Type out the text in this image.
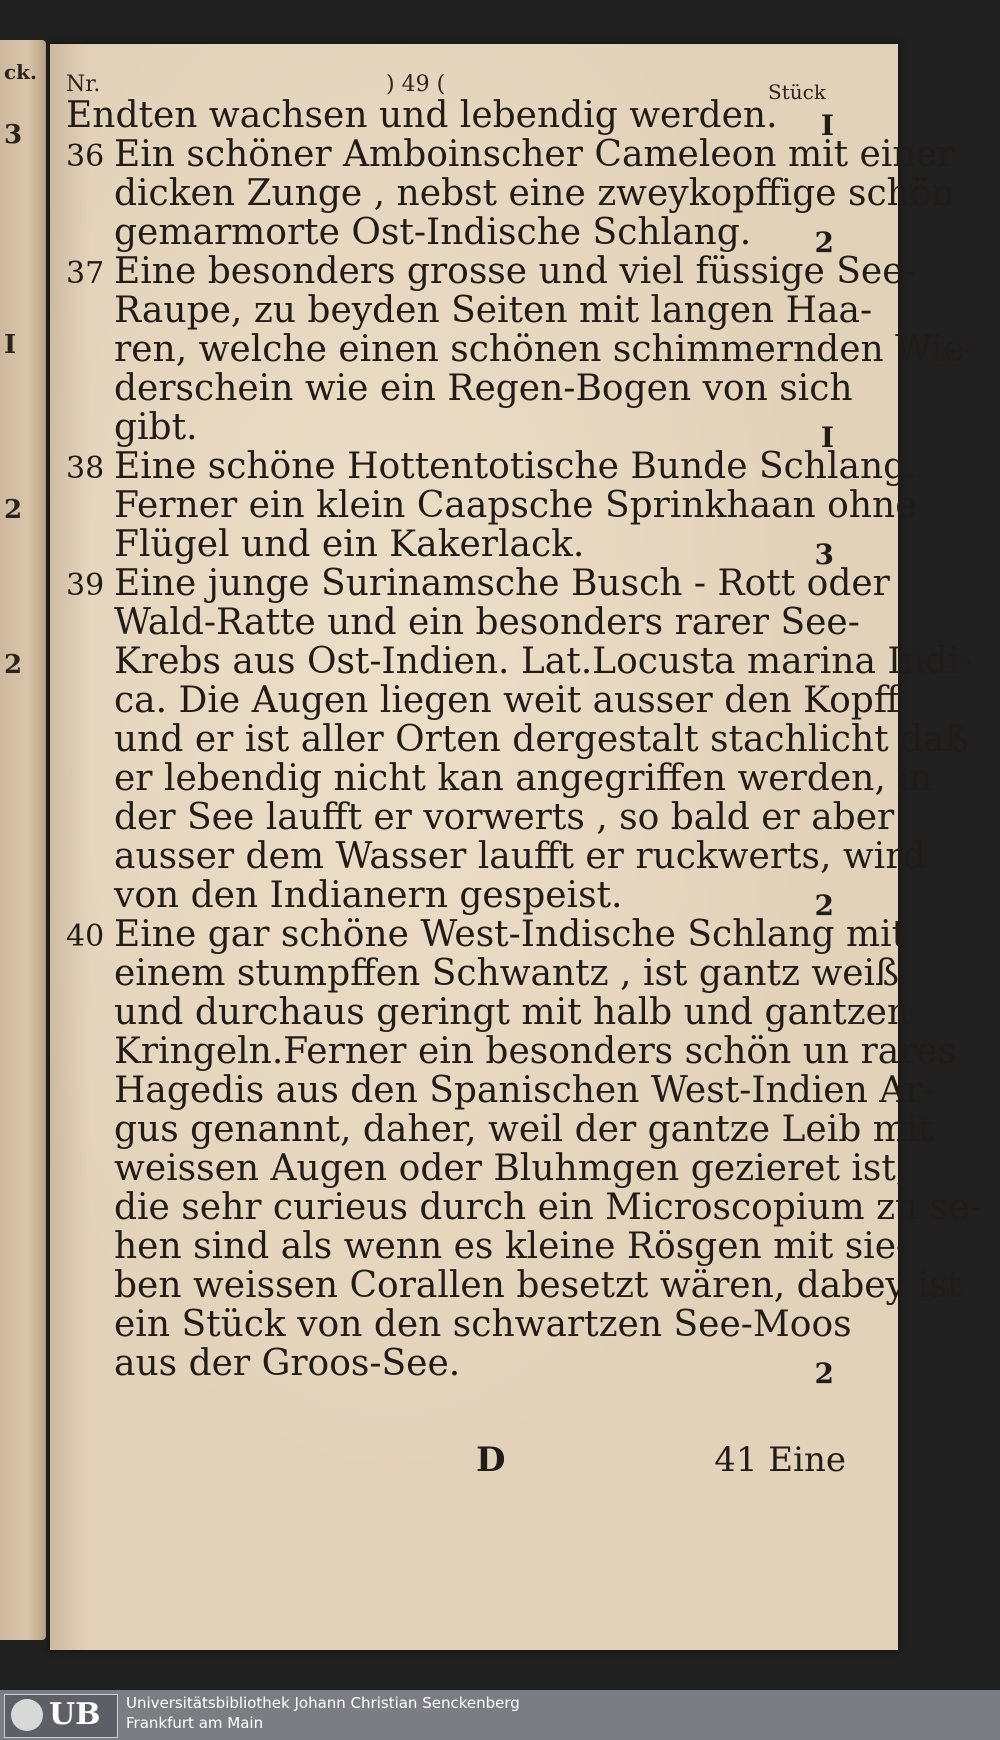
ck.
3
I
2
2
Nr.	) 49 (	Stück
Endten wachsen und lebendig werden.	I
36 Ein schöner Amboinscher Cameleon mit einer
dicken Zunge , nebst eine zweykopffige schön
gemarmorte Ost-Indische Schlang.	2
37 Eine besonders grosse und viel füssige See-
Raupe, zu beyden Seiten mit langen Haa-
ren, welche einen schönen schimmernden Wie-
derschein wie ein Regen-Bogen von sich
gibt.	I
38 Eine schöne Hottentotische Bunde Schlang.
Ferner ein klein Caapsche Sprinkhaan ohne
Flügel und ein Kakerlack.	3
39 Eine junge Surinamsche Busch - Rott oder
Wald-Ratte und ein besonders rarer See-
Krebs aus Ost-Indien. Lat.Locusta marina Indi-
ca. Die Augen liegen weit ausser den Kopff
und er ist aller Orten dergestalt stachlicht daß
er lebendig nicht kan angegriffen werden, in
der See laufft er vorwerts , so bald er aber
ausser dem Wasser laufft er ruckwerts, wird
von den Indianern gespeist.	2
40 Eine gar schöne West-Indische Schlang mit
einem stumpffen Schwantz , ist gantz weiß
und durchaus geringt mit halb und gantzen
Kringeln.Ferner ein besonders schön un rares
Hagedis aus den Spanischen West-Indien Ar-
gus genannt, daher, weil der gantze Leib mit
weissen Augen oder Bluhmgen gezieret ist,
die sehr curieus durch ein Microscopium zu se-
hen sind als wenn es kleine Rösgen mit sie-
ben weissen Corallen besetzt wären, dabey ist
ein Stück von den schwartzen See-Moos
aus der Groos-See.	2
D	41 Eine
UB Universitätsbibliothek Johann Christian Senckenberg
Frankfurt am Main
